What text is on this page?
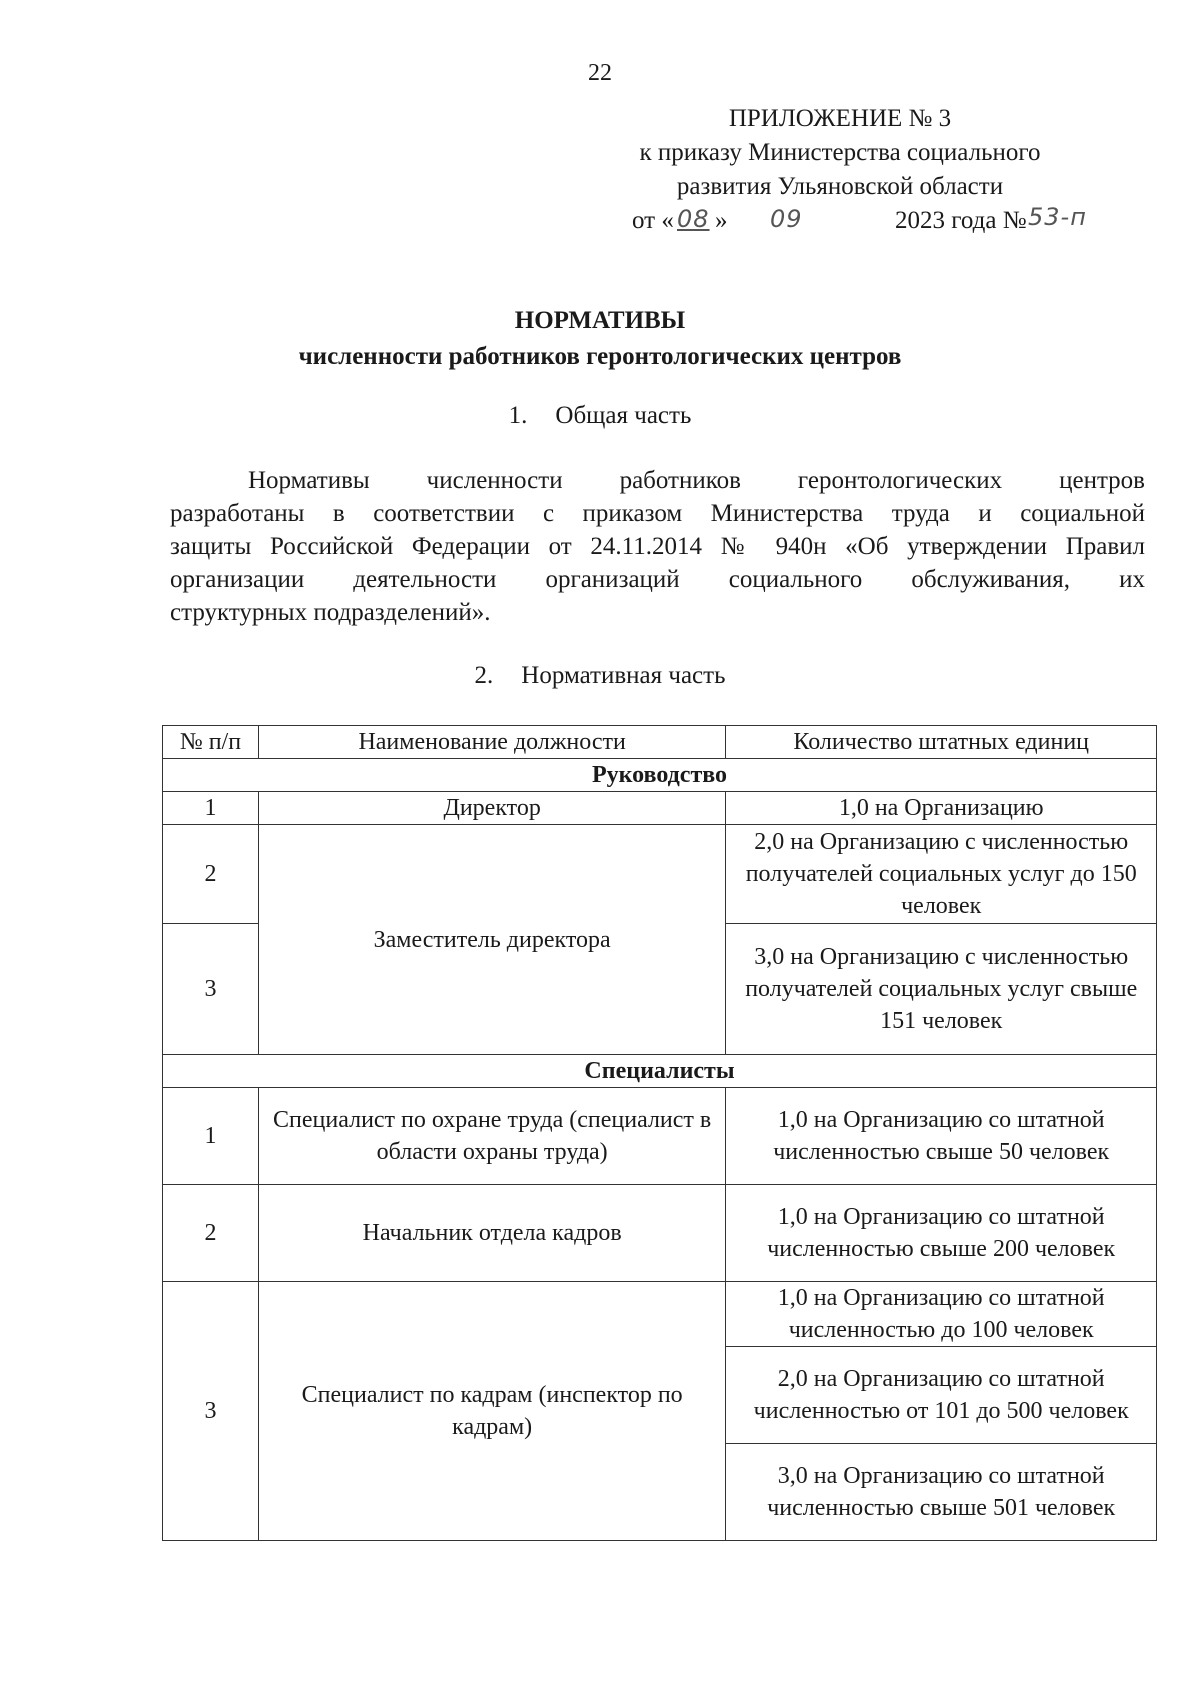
22
ПРИЛОЖЕНИЕ № 3
к приказу Министерства социального
развития Ульяновской области
от « 08 » 09	2023 года № 53-п
НОРМАТИВЫ
численности работников геронтологических центров
1. Общая часть
Нормативы численности работников геронтологических центров
разработаны в соответствии с приказом Министерства труда и социальной
защиты Российской Федерации от 24.11.2014 № 940н «Об утверждении Правил
организации деятельности организаций социального обслуживания, их
структурных подразделений».
2. Нормативная часть
№ п/п	Наименование должности	Количество штатных единиц
Руководство		
1	Директор	1,0 на Организацию
2	Заместитель директора	2,0 на Организацию с численностью получателей социальных услуг до 150 человек
3		3,0 на Организацию с численностью получателей социальных услуг свыше 151 человек
Специалисты		
1	Специалист по охране труда (специалист в области охраны труда)	1,0 на Организацию со штатной численностью свыше 50 человек
2	Начальник отдела кадров	1,0 на Организацию со штатной численностью свыше 200 человек
3	Специалист по кадрам (инспектор по кадрам)	1,0 на Организацию со штатной численностью до 100 человек
		2,0 на Организацию со штатной численностью от 101 до 500 человек
		3,0 на Организацию со штатной численностью свыше 501 человек
